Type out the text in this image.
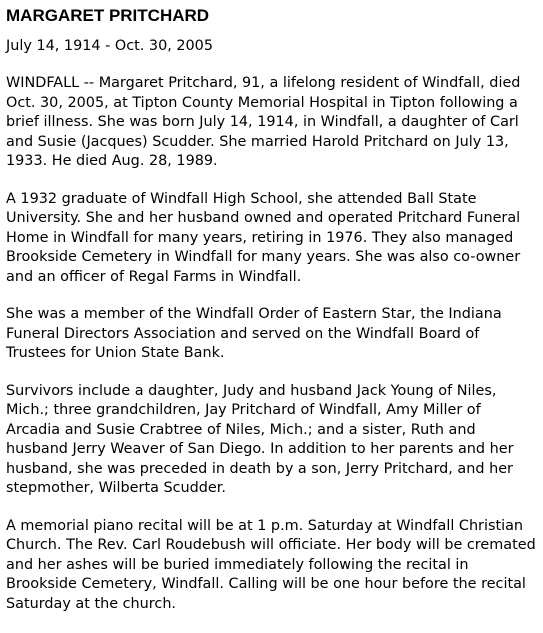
MARGARET PRITCHARD

July 14, 1914 - Oct. 30, 2005

WINDFALL -- Margaret Pritchard, 91, a lifelong resident of Windfall, died Oct. 30, 2005, at Tipton County Memorial Hospital in Tipton following a brief illness. She was born July 14, 1914, in Windfall, a daughter of Carl and Susie (Jacques) Scudder. She married Harold Pritchard on July 13, 1933. He died Aug. 28, 1989.

A 1932 graduate of Windfall High School, she attended Ball State University. She and her husband owned and operated Pritchard Funeral Home in Windfall for many years, retiring in 1976. They also managed Brookside Cemetery in Windfall for many years. She was also co-owner and an officer of Regal Farms in Windfall.

She was a member of the Windfall Order of Eastern Star, the Indiana Funeral Directors Association and served on the Windfall Board of Trustees for Union State Bank.

Survivors include a daughter, Judy and husband Jack Young of Niles, Mich.; three grandchildren, Jay Pritchard of Windfall, Amy Miller of Arcadia and Susie Crabtree of Niles, Mich.; and a sister, Ruth and husband Jerry Weaver of San Diego. In addition to her parents and her husband, she was preceded in death by a son, Jerry Pritchard, and her stepmother, Wilberta Scudder.

A memorial piano recital will be at 1 p.m. Saturday at Windfall Christian Church. The Rev. Carl Roudebush will officiate. Her body will be cremated and her ashes will be buried immediately following the recital in Brookside Cemetery, Windfall. Calling will be one hour before the recital Saturday at the church.
